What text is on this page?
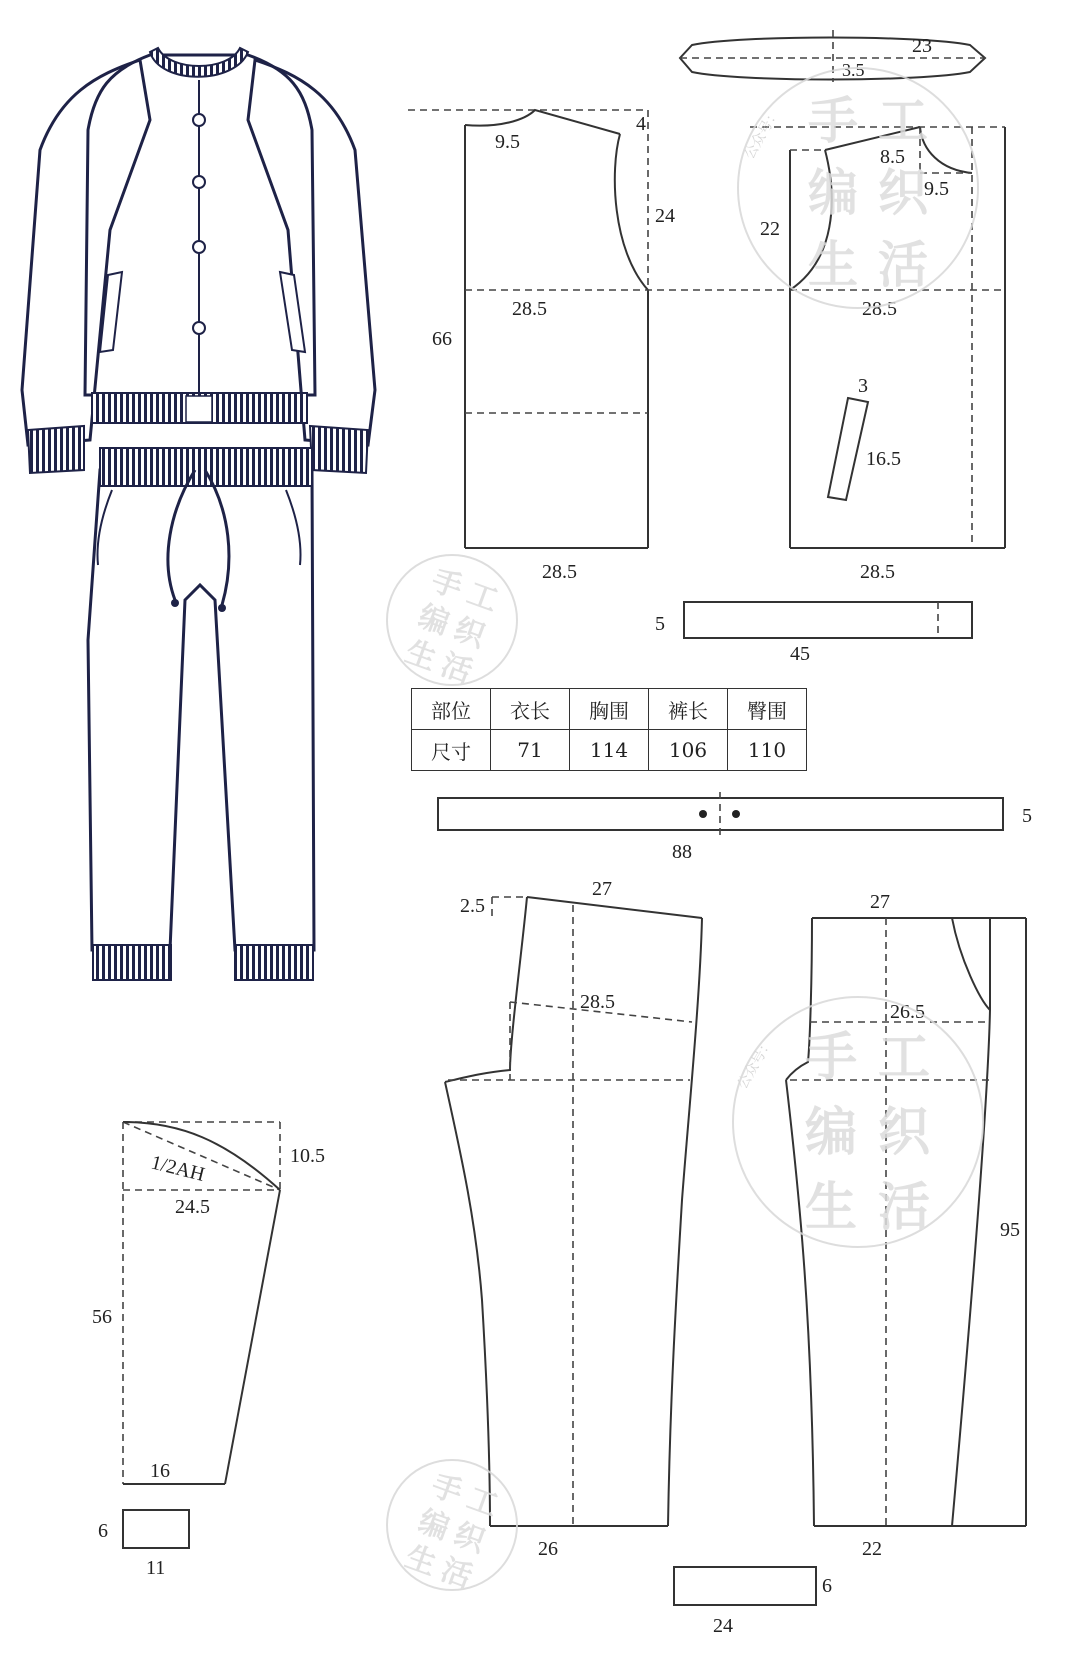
23
3.5
9.5
4
24
28.5
66
28.5
8.5
9.5
22
28.5
3
16.5
28.5
5
45
5
88
2.5
27
28.5
26
27
26.5
95
22
6
24
1/2AH	10.5
24.5
56
16
6
11
手 工
编 织
生 活
公众号：
手
工
编
织
生
活
手 工
编 织
生 活
公众号：
手
工
编
织
生
活
部位	衣长	胸围	裤长	臀围
尺寸	71	114	106	110
